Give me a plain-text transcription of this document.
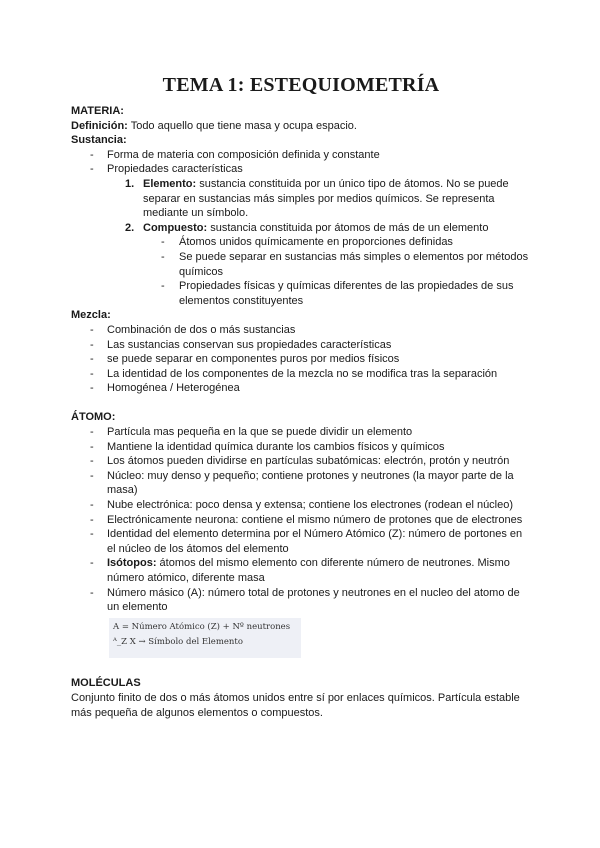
TEMA 1: ESTEQUIOMETRÍA
MATERIA:
Definición: Todo aquello que tiene masa y ocupa espacio.
Sustancia:
- Forma de materia con composición definida y constante
- Propiedades características
1. Elemento: sustancia constituida por un único tipo de átomos. No se puede separar en sustancias más simples por medios químicos. Se representa mediante un símbolo.
2. Compuesto: sustancia constituida por átomos de más de un elemento
- Átomos unidos químicamente en proporciones definidas
- Se puede separar en sustancias más simples o elementos por métodos químicos
- Propiedades físicas y químicas diferentes de las propiedades de sus elementos constituyentes
Mezcla:
- Combinación de dos o más sustancias
- Las sustancias conservan sus propiedades características
- se puede separar en componentes puros por medios físicos
- La identidad de los componentes de la mezcla no se modifica tras la separación
- Homogénea / Heterogénea
ÁTOMO:
- Partícula mas pequeña en la que se puede dividir un elemento
- Mantiene la identidad química durante los cambios físicos y químicos
- Los átomos pueden dividirse en partículas subatómicas: electrón, protón y neutrón
- Núcleo: muy denso y pequeño; contiene protones y neutrones (la mayor parte de la masa)
- Nube electrónica: poco densa y extensa; contiene los electrones (rodean el núcleo)
- Electrónicamente neurona: contiene el mismo número de protones que de electrones
- Identidad del elemento determina por el Número Atómico (Z): número de portones en el núcleo de los átomos del elemento
- Isótopos: átomos del mismo elemento con diferente número de neutrones. Mismo número atómico, diferente masa
- Número másico (A): número total de protones y neutrones en el nucleo del atomo de un elemento
A = Número Atómico (Z) + Nº neutrones
ᴬ_Z X → Símbolo del Elemento
MOLÉCULAS
Conjunto finito de dos o más átomos unidos entre sí por enlaces químicos. Partícula estable más pequeña de algunos elementos o compuestos.
